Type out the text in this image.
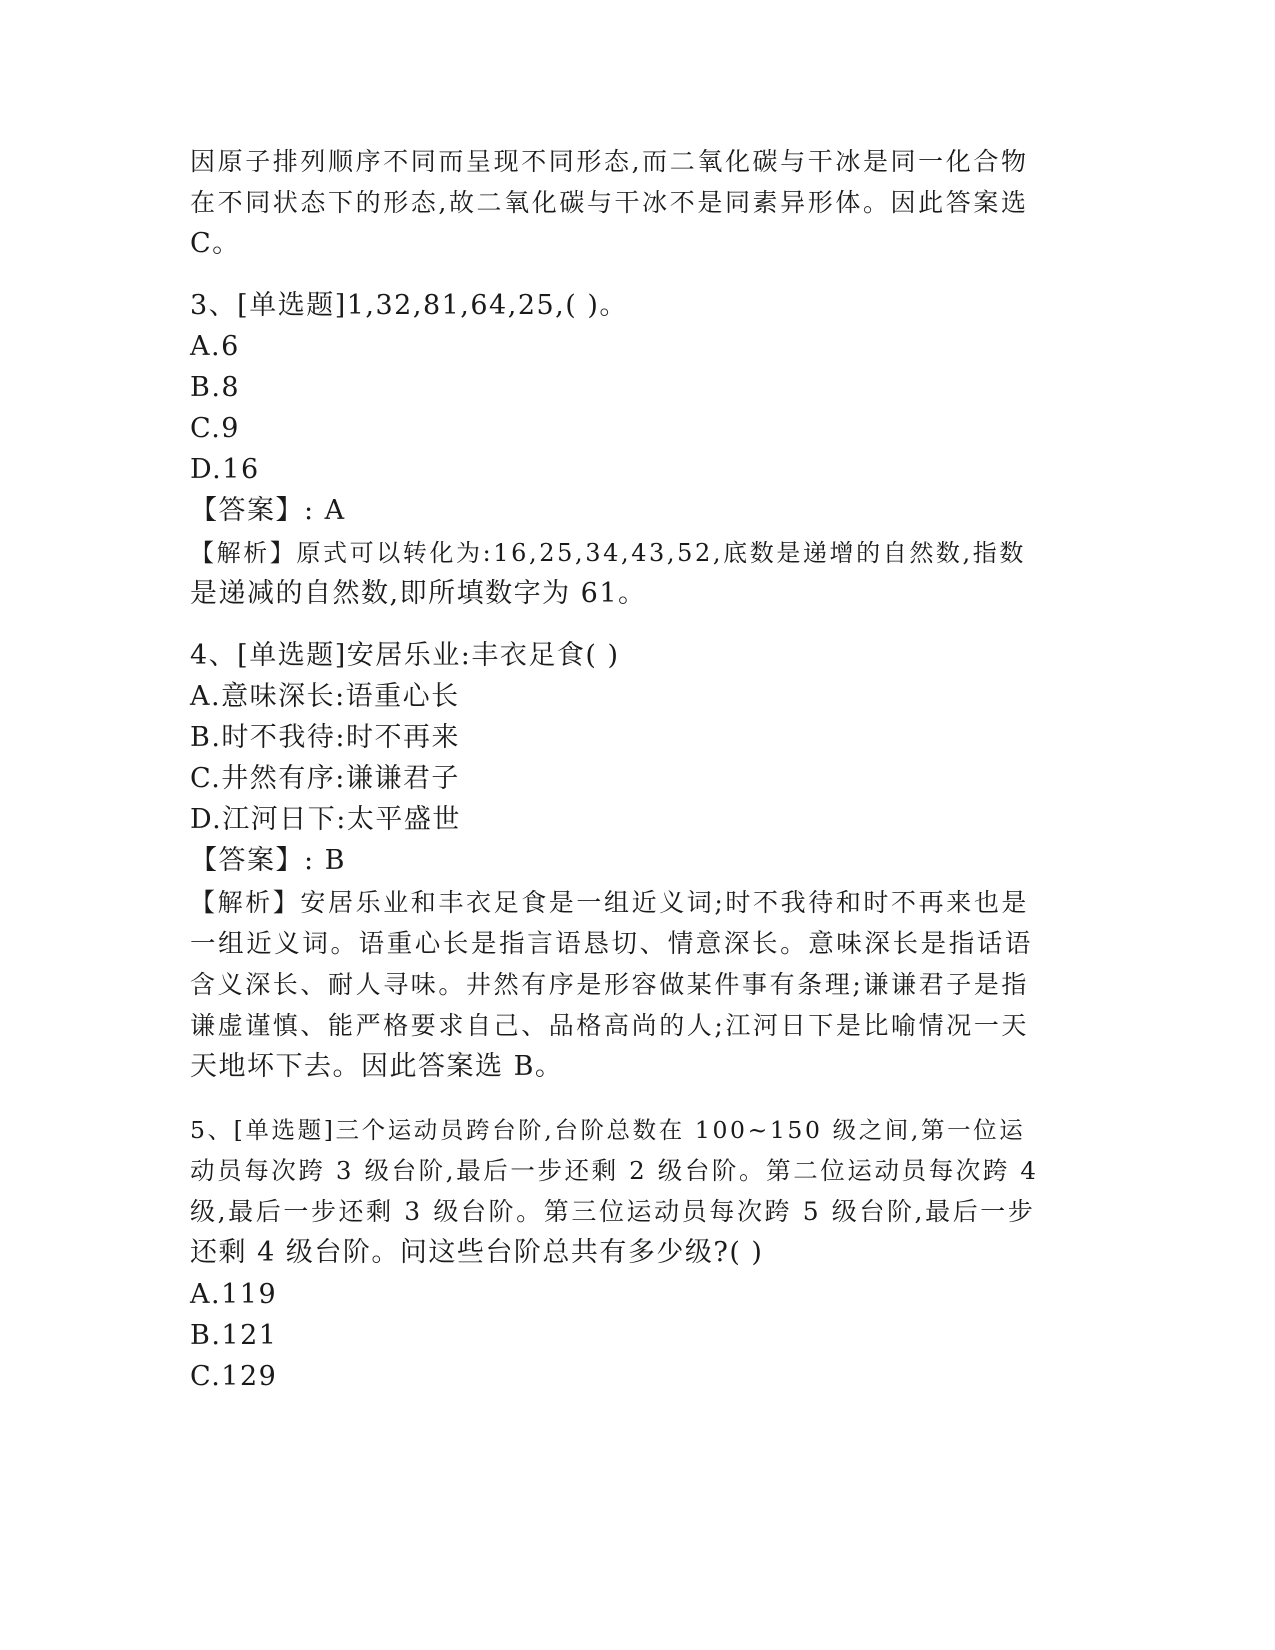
因原子排列顺序不同而呈现不同形态,而二氧化碳与干冰是同一化合物
在不同状态下的形态,故二氧化碳与干冰不是同素异形体。因此答案选
C。
3、[单选题]1,32,81,64,25,( )。
A.6
B.8
C.9
D.16
【答案】: A
【解析】原式可以转化为:16,25,34,43,52,底数是递增的自然数,指数
是递减的自然数,即所填数字为 61。
4、[单选题]安居乐业:丰衣足食( )
A.意味深长:语重心长
B.时不我待:时不再来
C.井然有序:谦谦君子
D.江河日下:太平盛世
【答案】: B
【解析】安居乐业和丰衣足食是一组近义词;时不我待和时不再来也是
一组近义词。语重心长是指言语恳切、情意深长。意味深长是指话语
含义深长、耐人寻味。井然有序是形容做某件事有条理;谦谦君子是指
谦虚谨慎、能严格要求自己、品格高尚的人;江河日下是比喻情况一天
天地坏下去。因此答案选 B。
5、[单选题]三个运动员跨台阶,台阶总数在 100~150 级之间,第一位运
动员每次跨 3 级台阶,最后一步还剩 2 级台阶。第二位运动员每次跨 4
级,最后一步还剩 3 级台阶。第三位运动员每次跨 5 级台阶,最后一步
还剩 4 级台阶。问这些台阶总共有多少级?( )
A.119
B.121
C.129
